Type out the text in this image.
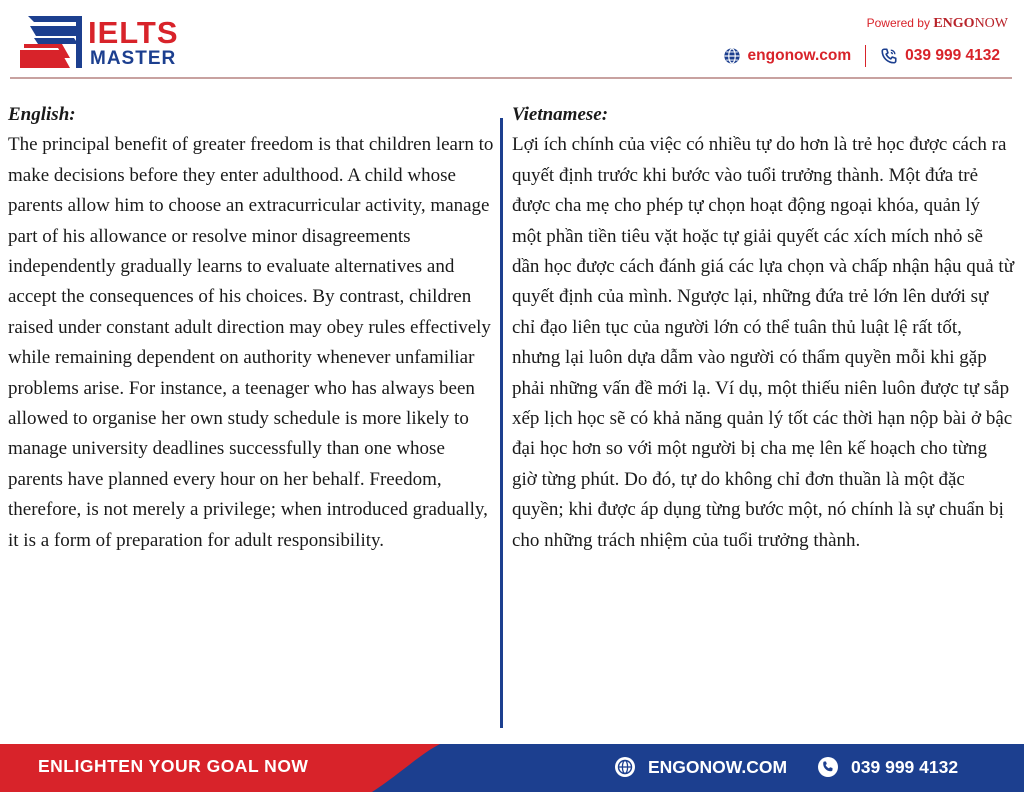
IELTS
MASTER
Powered by ENGONOW
engonow.com	039 999 4132
English:
The principal benefit of greater freedom is that children learn to make decisions before they enter adulthood. A child whose parents allow him to choose an extracurricular activity, manage part of his allowance or resolve minor disagreements independently gradually learns to evaluate alternatives and accept the consequences of his choices. By contrast, children raised under constant adult direction may obey rules effectively while remaining dependent on authority whenever unfamiliar problems arise. For instance, a teenager who has always been allowed to organise her own study schedule is more likely to manage university deadlines successfully than one whose parents have planned every hour on her behalf. Freedom, therefore, is not merely a privilege; when introduced gradually, it is a form of preparation for adult responsibility.
Vietnamese:
Lợi ích chính của việc có nhiều tự do hơn là trẻ học được cách ra quyết định trước khi bước vào tuổi trưởng thành. Một đứa trẻ được cha mẹ cho phép tự chọn hoạt động ngoại khóa, quản lý một phần tiền tiêu vặt hoặc tự giải quyết các xích mích nhỏ sẽ dần học được cách đánh giá các lựa chọn và chấp nhận hậu quả từ quyết định của mình. Ngược lại, những đứa trẻ lớn lên dưới sự chỉ đạo liên tục của người lớn có thể tuân thủ luật lệ rất tốt, nhưng lại luôn dựa dẫm vào người có thẩm quyền mỗi khi gặp phải những vấn đề mới lạ. Ví dụ, một thiếu niên luôn được tự sắp xếp lịch học sẽ có khả năng quản lý tốt các thời hạn nộp bài ở bậc đại học hơn so với một người bị cha mẹ lên kế hoạch cho từng giờ từng phút. Do đó, tự do không chỉ đơn thuần là một đặc quyền; khi được áp dụng từng bước một, nó chính là sự chuẩn bị cho những trách nhiệm của tuổi trưởng thành.
ENLIGHTEN YOUR GOAL NOW	ENGONOW.COM	039 999 4132
